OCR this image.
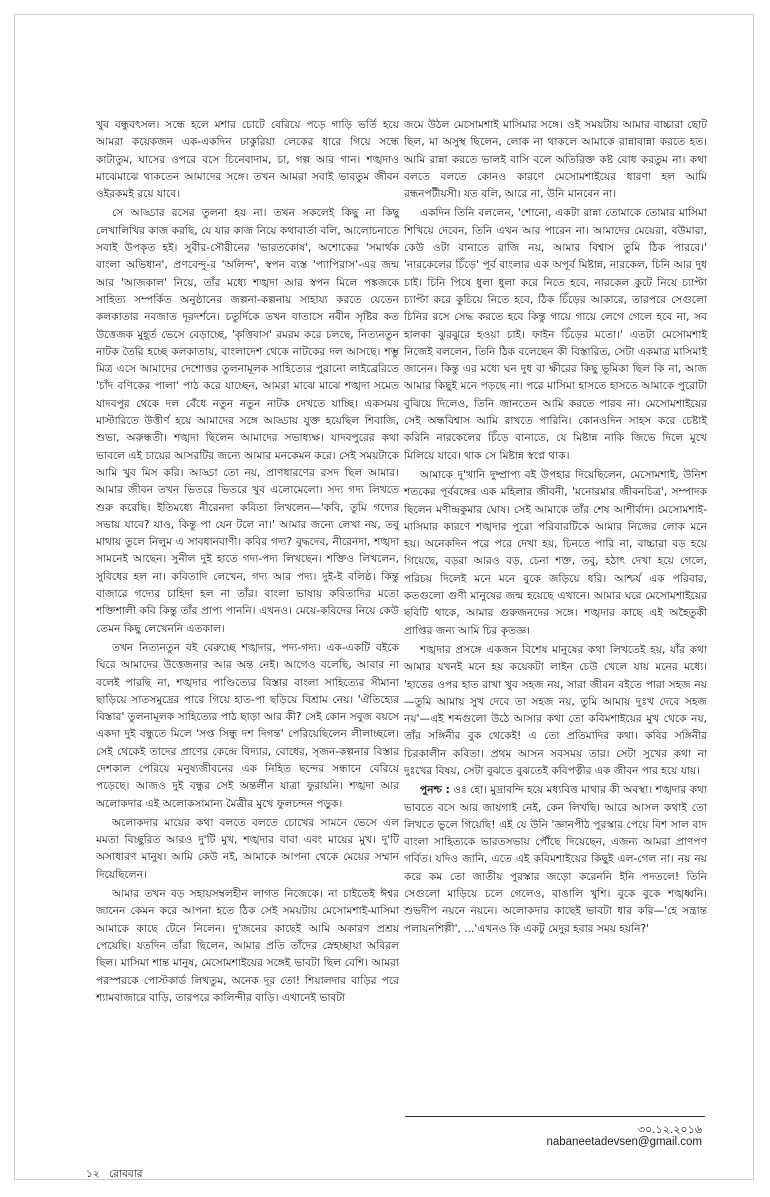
খুব বন্ধুবৎসল। সন্ধে হলে মশার চোটে বেরিয়ে পড়ে গাড়ি ভর্তি হয়ে আমরা কয়েকজন এক-একদিন ঢাকুরিয়া লেকের ধারে গিয়ে সন্ধে কাটাতুম, ঘাসের ওপরে বসে চিনেবাদাম, চা, গল্প আর গান। শঙ্খদাও মাঝেমাঝে থাকতেন আমাদের সঙ্গে। তখন আমরা সবাই ভাবতুম জীবন ওইরকমই রয়ে যাবে।

সে আড্ডার রসের তুলনা হয় না। তখন সকলেই কিছু না কিছু লেখালিখির কাজ করছি, যে যার কাজ নিয়ে কথাবার্তা বলি, আলোচনাতে সবাই উপকৃত হই। সুবীর-সৌরীনের 'ভারতকোষ', অশোকের 'সমার্থক বাংলা অভিধান', প্রণবেন্দু-র 'অলিন্দ', স্বপন ব্যস্ত 'প্যাপিরাস'-এর জন্ম আর 'আজকাল' নিয়ে, তাঁর মধ্যে শঙ্খদা আর স্বপন মিলে পঙ্কজকে সাহিত্য সম্পর্কিত অনুষ্ঠানের জল্পনা-কল্পনায় সাহায্য করতে যেতেন কলকাতার নবজাত দূরদর্শনে। চতুর্দিকে তখন বাতাসে নবীন সৃষ্টির কত উত্তেজক মুহূর্ত ভেসে বেড়াচ্ছে, 'কৃত্তিবাস' রমরম করে চলছে, নিত্যনতুন নাটক তৈরি হচ্ছে কলকাতায়, বাংলাদেশ থেকে নাটকের দল আসছে। শম্ভু মিত্র এসে আমাদের দেশোত্তর তুলনামূলক সাহিত্যের পুরানো লাইব্রেরিতে 'চাঁদ বণিকের পালা' পাঠ করে যাচ্ছেন, আমরা মাঝে মাঝে শঙ্খদা সমেত যাদবপুর থেকে দল বেঁধে নতুন নতুন নাটক দেখতে যাচ্ছি। একসময় মাস্টারিতে উত্তীর্ণ হয়ে আমাদের সঙ্গে আড্ডায় যুক্ত হয়েছিল শিবাজি, শুভা, অরুন্ধতী। শঙ্খদা ছিলেন আমাদের সভাধ্যক্ষ। যাদবপুরের কথা ভাবলে এই চায়ের আসরটির জন্যে আমার মনকেমন করে। সেই সময়টাকে আমি খুব মিস করি। আড্ডা তো নয়, প্রাণধারণের রসদ ছিল আমার। আমার জীবন তখন ভিতরে ভিতরে খুব এলোমেলো। সদ্য গদ্য লিখতে শুরু করেছি। ইতিমধ্যে নীরেনদা কবিতা লিখলেন—'কবি, তুমি গদ্যের সভায় যাবে? যাও, কিন্তু পা যেন টলে না।' আমার জন্যে লেখা নয়, তবু মাথায় তুলে নিলুম এ সাবধানবাণী। কবির গদ্য? বুদ্ধদেব, নীরেনদা, শঙ্খদা সামনেই আছেন। সুনীল দুই হাতে গদ্য-পদ্য লিখছেন। শক্তিও লিখলেন, সুবিধের হল না। কবিতাদি লেখেন, গদ্য আর পদ্য। দুই-ই বলিষ্ঠ। কিন্তু বাজারে গদ্যের চাহিদা হল না তাঁর। বাংলা ভাষায় কবিতাদির মতো শক্তিশালী কবি কিন্তু তাঁর প্রাপ্য পাননি। এখনও। মেয়ে-কবিদের নিয়ে কেউ তেমন কিছু লেখেননি এতকাল।

তখন নিত্যনতুন বই বেরুচ্ছে শঙ্খদার, পদ্য-গদ্য। এক-একটি বইকে ঘিরে আমাদের উত্তেজনার আর অন্ত নেই। আগেও বলেছি, আবার না বলেই পারছি না, শঙ্খদার পাণ্ডিত্যের বিস্তার বাংলা সাহিত্যের সীমানা ছাড়িয়ে সাতসমুদ্রের পারে গিয়ে হাত-পা ছড়িয়ে বিশ্রাম নেয়। 'ঐতিহ্যের বিস্তার' তুলনামূলক সাহিত্যের পাঠ ছাড়া আর কী? সেই কোন সবুজ বয়সে একদা দুই বন্ধুতে মিলে 'সপ্ত সিন্ধু দশ দিগন্ত' পেরিয়েছিলেন লীলাচ্ছলে। সেই থেকেই তাদের প্রাণের কেন্দ্রে বিদ্যার, বোধের, সৃজন-কল্পনার বিস্তার দেশকাল পেরিয়ে মনুষ্যজীবনের এক নিহিত ছন্দের সন্ধানে বেরিয়ে পড়েছে। আজও দুই বন্ধুর সেই অন্তর্লীন যাত্রা ফুরায়নি। শঙ্খদা আর অলোকদার এই অলোকসামান্য মৈত্রীর মুখে ফুলচন্দন পড়ুক।

অলোকদার মায়ের কথা বলতে বলতে চোখের সামনে ভেসে এল মমতা বিচ্ছুরিত আরও দু'টি মুখ, শঙ্খদার বাবা এবং মায়ের মুখ। দু'টি অসাধারণ মানুষ। আমি কেউ নই, আমাকে আপনা থেকে মেয়ের সম্মান দিয়েছিলেন।

আমার তখন বড় সহায়সম্বলহীন লাগত নিজেকে। না চাইতেই ঈশ্বর জানেন কেমন করে আপনা হতে ঠিক সেই সময়টায় মেসোমশাই-মাসিমা আমাকে কাছে টেনে নিলেন। দু'জনের কাছেই আমি অকারণ প্রশ্রয় পেয়েছি। যতদিন তাঁরা ছিলেন, আমার প্রতি তাঁদের স্নেহচ্ছায়া অবিরল ছিল। মাসিমা শান্ত মানুষ, মেসোমশাইয়ের সঙ্গেই ভাবটা ছিল বেশি। আমরা পরস্পরকে পোস্টকার্ড লিখতুম, অনেক দূর তো! শিয়ালদার বাড়ির পরে শ্যামবাজারে বাড়ি, তারপরে কালিন্দীর বাড়ি। এখানেই ভাবটা

জমে উঠল মেসোমশাই মাসিমার সঙ্গে। ওই সময়টায় আমার বাচ্চারা ছোট ছিল, মা অসুস্থ ছিলেন, লোক না থাকলে আমাকে রান্নাবান্না করতে হত। আমি রান্না করতে ভালই বাসি বলে অতিরিক্ত কষ্ট বোধ করতুম না। কথা বলতে বলতে কোনও কারণে মেসোমশাইয়ের ধারণা হল আমি রন্ধনপটীয়সী। যত বলি, আরে না, উনি মানবেন না।

একদিন তিনি বললেন, 'শোনো, একটা রান্না তোমাকে তোমার মাসিমা শিখিয়ে দেবেন, তিনি এখন আর পারেন না। আমাদের মেয়েরা, বউমারা, কেউ ওটা বানাতে রাজি নয়, আমার বিশ্বাস তুমি ঠিক পারবে।' 'নারকেলের চিঁড়ে' পূর্ব বাংলার এক অপূর্ব মিষ্টান্ন, নারকেল, চিনি আর দুধ চাই। চিনি পিষে ধুলা ধুলা করে নিতে হবে, নারকেল কুটে নিয়ে চ্যাপ্টা চ্যাপ্টা করে কুচিয়ে নিতে হবে, ঠিক চিঁড়ের আকারে, তারপরে সেগুলো চিনির রসে সেদ্ধ করতে হবে কিন্তু গায়ে গায়ে লেগে গেলে হবে না, সব হালকা ঝুরঝুরে হওয়া চাই। ফাইন চিঁড়ের মতো।' এতটা মেসোমশাই নিজেই বললেন, তিনি ঠিক বলেছেন কী বিস্তারিত, সেটা একমাত্র মাসিমাই জানেন। কিন্তু এর মধ্যে ঘন দুধ বা ক্ষীরের কিছু ভূমিকা ছিল কি না, আজ আমার কিছুই মনে পড়ছে না। পরে মাসিমা হাসতে হাসতে আমাকে পুরোটা বুঝিয়ে দিলেও, তিনি জানতেন আমি করতে পারব না। মেসোমশাইয়ের সেই অন্ধবিশ্বাস আমি রাখতে পারিনি। কোনওদিন সাহস করে চেষ্টাই করিনি নারকেলের চিঁড়ে বানাতে, যে মিষ্টান্ন নাকি জিভে দিলে মুখে মিলিয়ে যাবে। থাক সে মিষ্টান্ন স্বপ্নে থাক।

আমাকে দু'খানি দুষ্প্রাপ্য বই উপহার দিয়েছিলেন, মেসোমশাই, উনিশ শতকের পূর্ববঙ্গের এক মহিলার জীবনী, 'মনোরমার জীবনচিত্র', সম্পাদক ছিলেন মণীন্দ্রকুমার ঘোষ। সেই আমাকে তাঁর শেষ আশীর্বাদ। মেসোমশাই-মাসিমার কারণে শঙ্খদার পুরো পরিবারটিকে আমার নিজের লোক মনে হয়। অনেকদিন পরে পরে দেখা হয়, চিনতে পারি না, বাচ্চারা বড় হয়ে গিয়েছে, বড়রা আরও বড়, চেনা শক্ত, তবু, হঠাৎ দেখা হয়ে গেলে, পরিচয় দিলেই মনে মনে বুকে জড়িয়ে ধরি। আশ্চর্য এক পরিবার, কতগুলো গুণী মানুষের জন্ম হয়েছে এখানে। আমার ঘরে মেসোমশাইয়ের ছবিটি থাকে, আমার গুরুজনদের সঙ্গে। শঙ্খদার কাছে এই অহৈতুকী প্রাপ্তির জন্য আমি চির কৃতজ্ঞ।

শঙ্খদার প্রসঙ্গে একজন বিশেষ মানুষের কথা লিখতেই হয়, যাঁর কথা আমার যখনই মনে হয় কয়েকটা লাইন চেউ খেলে যায় মনের মধ্যে। 'হাতের ওপর হাত রাখা খুব সহজ নয়, সারা জীবন বইতে পারা সহজ নয়—তুমি আমায় সুখ দেবে তা সহজ নয়, তুমি আমায় দুঃখ দেবে সহজ নয়'—এই শব্দগুলো উঠে আসার কথা তো কবিমশাইয়ের মুখ থেকে নয়, তাঁর সঙ্গিনীর বুক থেকেই! এ তো প্রতিমাদির কথা। কবির সঙ্গিনীর চিরকালীন কবিতা। প্রথম আসন সবসময় তার। সেটা সুখের কথা না দুঃখের বিষয়, সেটা বুঝতে বুঝতেই কবিপত্নীর এক জীবন পার হয়ে যায়।

পুনশ্চ : ওঃ হো। মুদ্রাবন্দি হয়ে মধ্যবিত্ত মাথার কী অবস্থা। শঙ্খদার কথা ভাবতে বসে আর জায়গাই নেই, কেন লিখছি। আরে আসল কথাই তো লিখতে ভুলে গিয়েছি! এই যে উনি 'জ্ঞানপীঠ পুরস্কার পেয়ে বিশ সাল বাদ বাংলা সাহিত্যকে ভারতসভায় পৌঁছে দিয়েছেন, এজন্য আমরা প্রাণপণ গর্বিত। যদিও জানি, এতে এই কবিমশাইয়ের কিছুই এল-গেল না। নয় নয় করে কম তো জাতীয় পুরস্কার জড়ো করেননি ইনি পদতলে! তিনি সেগুলো মাড়িয়ে চলে গেলেও, বাঙালি খুশি। বুকে বুকে শঙ্খধ্বনি। শুভদীপ নয়নে নয়নে। অলোকদার কাছেই ভাবটা ধার করি—'হে সন্ত্রান্ত পলায়নশিল্পী', ...'এখনও কি একটু মেদুর হবার সময় হয়নি?'

৩০.১২.২০১৬
nabaneetadevsen@gmail.com
১২ রোববার
